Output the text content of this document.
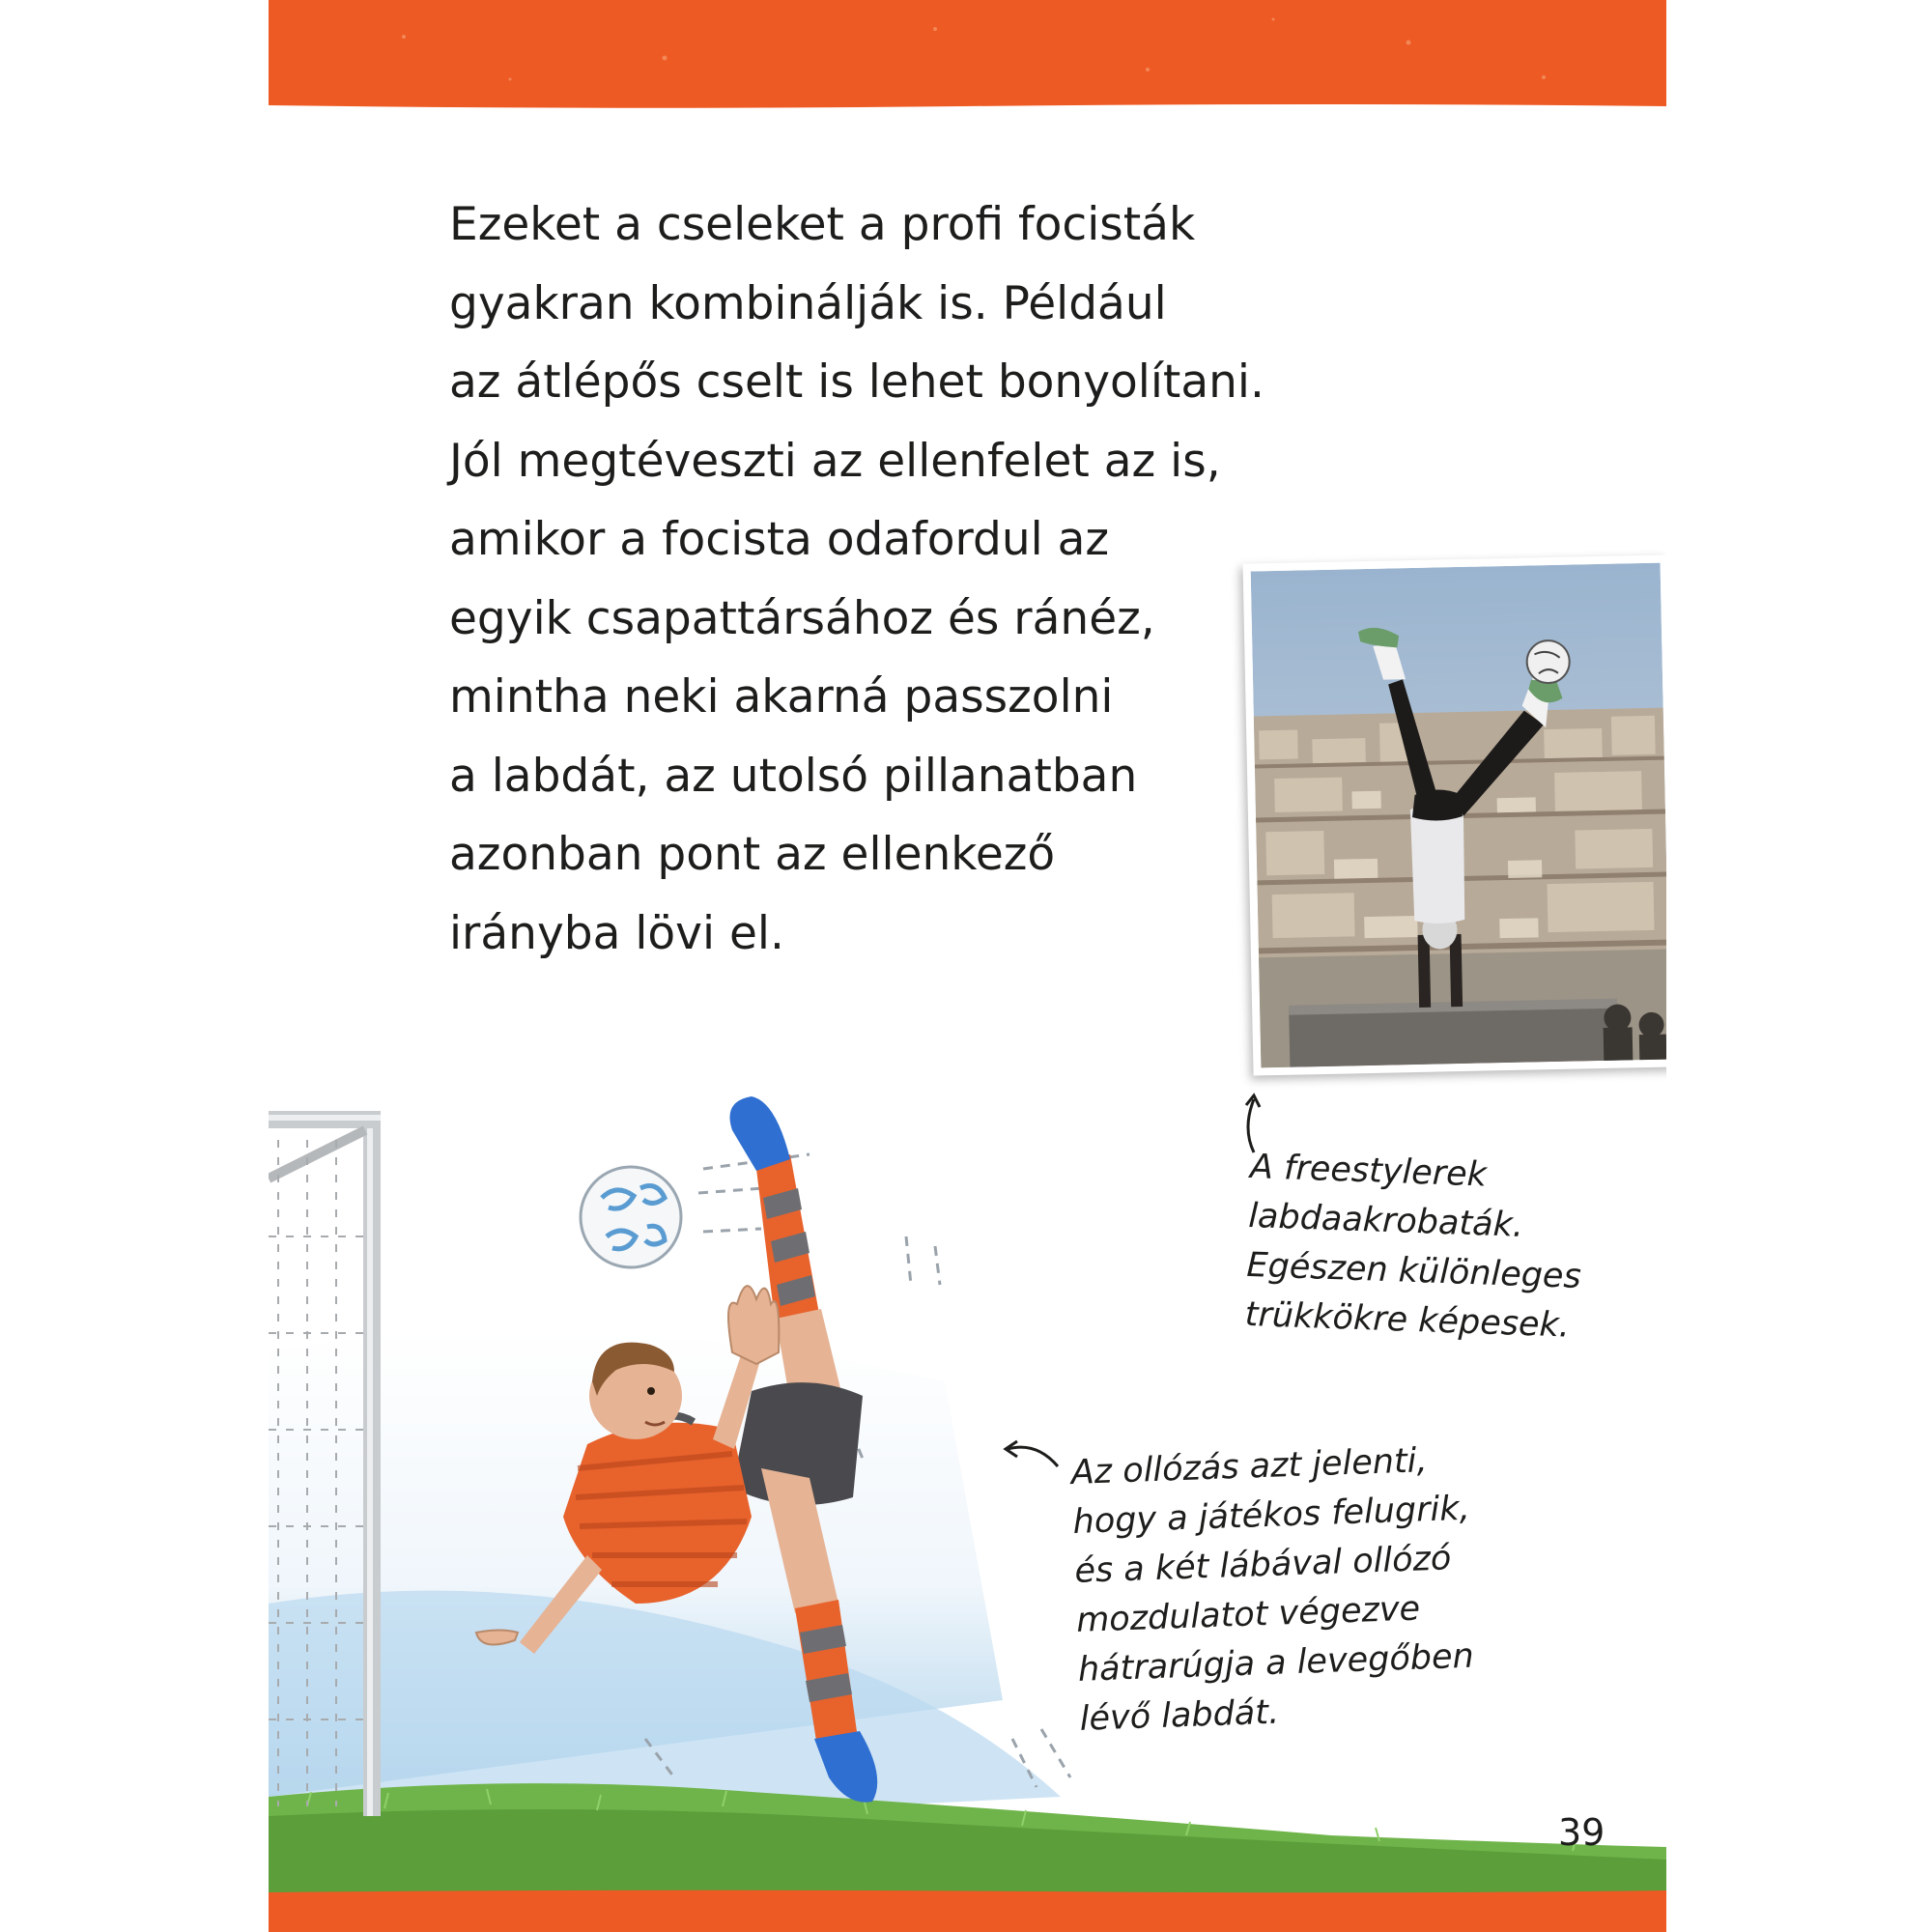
Ezeket a cseleket a profi focisták
gyakran kombinálják is. Például
az átlépős cselt is lehet bonyolítani.
Jól megtéveszti az ellenfelet az is,
amikor a focista odafordul az
egyik csapattársához és ránéz,
mintha neki akarná passzolni
a labdát, az utolsó pillanatban
azonban pont az ellenkező
irányba lövi el.
A freestylerek
labdaakrobaták.
Egészen különleges
trükkökre képesek.
Az ollózás azt jelenti,
hogy a játékos felugrik,
és a két lábával ollózó
mozdulatot végezve
hátrarúgja a levegőben
lévő labdát.
39
